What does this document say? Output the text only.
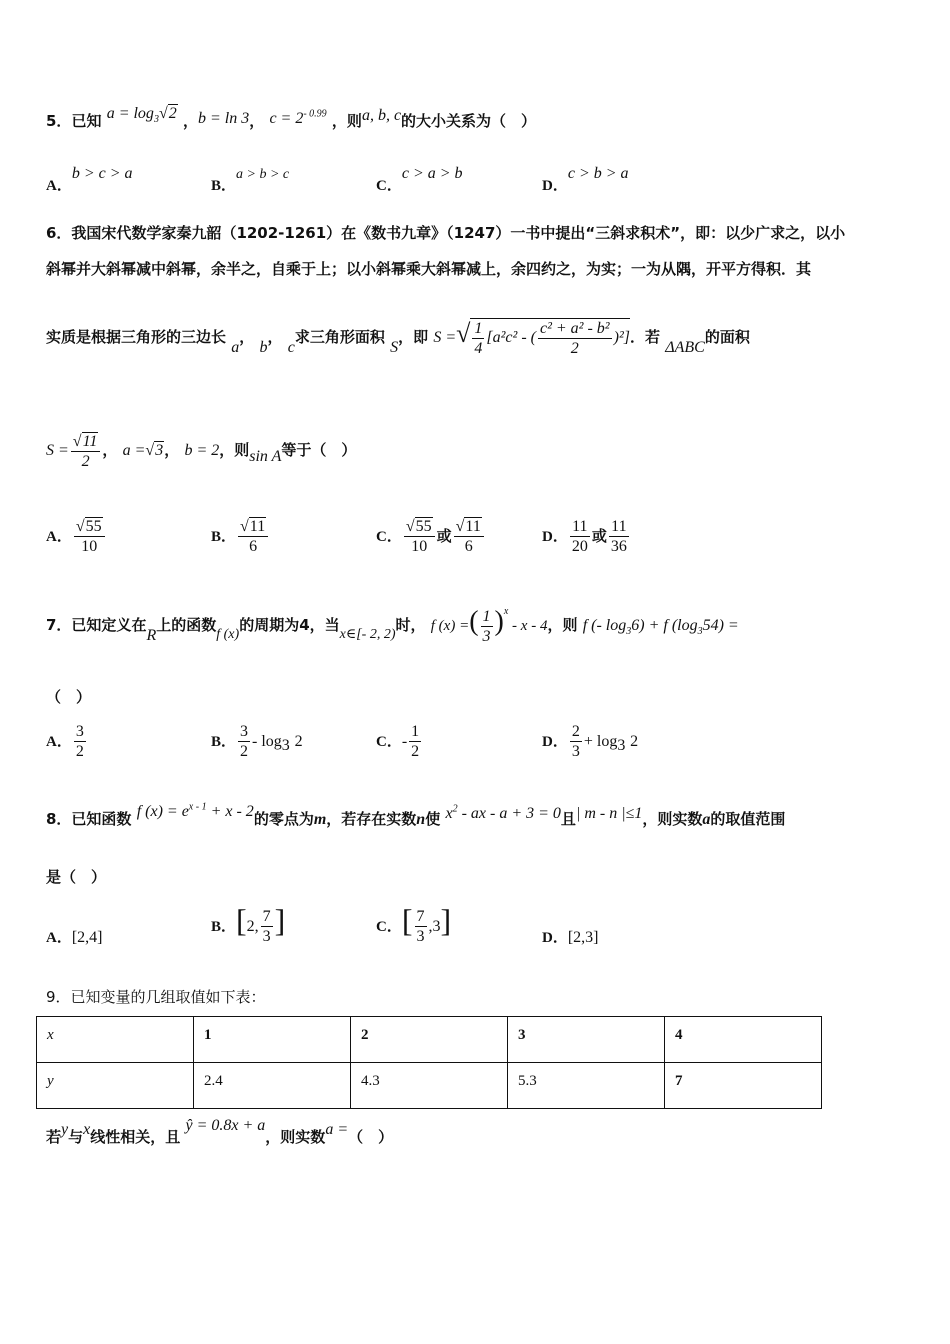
5．已知 $a = \log_3√2$ ，b = ln 3， $c = 2^{- 0.99}$ ，则a, b, c的大小关系为（　）
A．b > c > a
B．a > b > c
C．c > a > b
D．c > b > a
6．我国宋代数学家秦九韶（1202-1261）在《数书九章》（1247）一书中提出“三斜求积术”，即：以少广求之，以小
斜幂并大斜幂减中斜幂，余半之，自乘于上；以小斜幂乘大斜幂减上，余四约之，为实；一为从隅，开平方得积．其
实质是根据三角形的三边长 a， b， c求三角形面积 S，即 S =√ $\frac{1}{4} [a^2c^2$ - ( $\frac{\text{c² + a² - b²}}{2} )^2$]．若 ΔABC的面积
$S = \frac{√11}{2}$ ， a =√3， b = 2，则sin A等于（　）
A． $\frac{√55}{10}$	B． $\frac{√11}{6}$	C． $\frac{√55}{10}$ 或 $\frac{√11}{6}$	D． $\frac{11}{20}$ 或 $\frac{11}{36}$
7．已知定义在R上的函数f (x)的周期为4，当x∈[- 2, 2)时， f (x) =( $\frac{1}{3} )^x$ - x - 4，则 f (- $\log_36) + f$ $(\log_354)$ =
（　）
A． $\frac{3}{2}$	B． $\frac{3}{2} - \log_3 2$	C．- $\frac{1}{2}$	D． $\frac{2}{3} + \log_3 2$
8．已知函数 f $(x) = e^{x - 1} + x - 2$的零点为m，若存在实数n使 $x^2$ - ax - a + 3 = 0且| m - n |≤1，则实数a的取值范围
是（　）
A．[2,4]
B．[2, $\frac{7}{3}$ ]	C．[ $\frac{7}{3} ,3$]	D．[2,3]
9．已知变量的几组取值如下表：
x	1	2	3	4
y	2.4	4.3	5.3	7
若y与x线性相关，且 ŷ = 0.8x + a，则实数a =（　）
